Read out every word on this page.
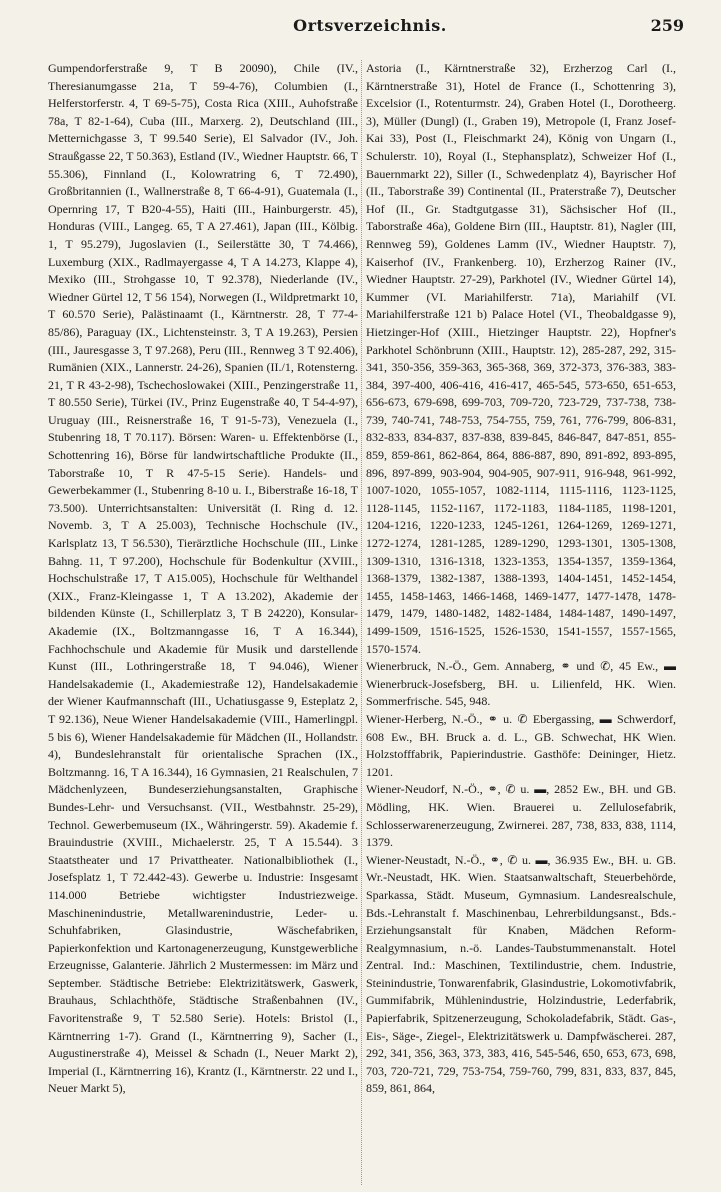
Ortsverzeichnis.	259

Gumpendorferstraße 9, T B 20090), Chile (IV., Theresianumgasse 21a, T 59-4-76), Columbien (I., Helferstorferstr. 4, T 69-5-75), Costa Rica (XIII., Auhofstraße 78a, T 82-1-64), Cuba (III., Marxerg. 2), Deutschland (III., Metternichgasse 3, T 99.540 Serie), El Salvador (IV., Joh. Straußgasse 22, T 50.363), Estland (IV., Wiedner Hauptstr. 66, T 55.306), Finnland (I., Kolowratring 6, T 72.490), Großbritannien (I., Wallnerstraße 8, T 66-4-91), Guatemala (I., Opernring 17, T B20-4-55), Haiti (III., Hainburgerstr. 45), Honduras (VIII., Langeg. 65, T A 27.461), Japan (III., Kölbig. 1, T 95.279), Jugoslavien (I., Seilerstätte 30, T 74.466), Luxemburg (XIX., Radlmayergasse 4, T A 14.273, Klappe 4), Mexiko (III., Strohgasse 10, T 92.378), Niederlande (IV., Wiedner Gürtel 12, T 56 154), Norwegen (I., Wildpretmarkt 10, T 60.570 Serie), Palästinaamt (I., Kärntnerstr. 28, T 77-4-85/86), Paraguay (IX., Lichtensteinstr. 3, T A 19.263), Persien (III., Jauresgasse 3, T 97.268), Peru (III., Rennweg 3 T 92.406), Rumänien (XIX., Lannerstr. 24-26), Spanien (II./1, Rotensterng. 21, T R 43-2-98), Tschechoslowakei (XIII., Penzingerstraße 11, T 80.550 Serie), Türkei (IV., Prinz Eugenstraße 40, T 54-4-97), Uruguay (III., Reisnerstraße 16, T 91-5-73), Venezuela (I., Stubenring 18, T 70.117). Börsen: Waren- u. Effektenbörse (I., Schottenring 16), Börse für landwirtschaftliche Produkte (II., Taborstraße 10, T R 47-5-15 Serie). Handels- und Gewerbekammer (I., Stubenring 8-10 u. I., Biberstraße 16-18, T 73.500). Unterrichtsanstalten: Universität (I. Ring d. 12. Novemb. 3, T A 25.003), Technische Hochschule (IV., Karlsplatz 13, T 56.530), Tierärztliche Hochschule (III., Linke Bahng. 11, T 97.200), Hochschule für Bodenkultur (XVIII., Hochschulstraße 17, T A15.005), Hochschule für Welthandel (XIX., Franz-Kleingasse 1, T A 13.202), Akademie der bildenden Künste (I., Schillerplatz 3, T B 24220), Konsular-Akademie (IX., Boltzmanngasse 16, T A 16.344), Fachhochschule und Akademie für Musik und darstellende Kunst (III., Lothringerstraße 18, T 94.046), Wiener Handelsakademie (I., Akademiestraße 12), Handelsakademie der Wiener Kaufmannschaft (III., Uchatiusgasse 9, Esteplatz 2, T 92.136), Neue Wiener Handelsakademie (VIII., Hamerlingpl. 5 bis 6), Wiener Handelsakademie für Mädchen (II., Hollandstr. 4), Bundeslehranstalt für orientalische Sprachen (IX., Boltzmanng. 16, T A 16.344), 16 Gymnasien, 21 Realschulen, 7 Mädchenlyzeen, Bundeserziehungsanstalten, Graphische Bundes-Lehr- und Versuchsanst. (VII., Westbahnstr. 25-29), Technol. Gewerbemuseum (IX., Währingerstr. 59). Akademie f. Brauindustrie (XVIII., Michaelerstr. 25, T A 15.544). 3 Staatstheater und 17 Privattheater. Nationalbibliothek (I., Josefsplatz 1, T 72.442-43). Gewerbe u. Industrie: Insgesamt 114.000 Betriebe wichtigster Industriezweige. Maschinenindustrie, Metallwarenindustrie, Leder- u. Schuhfabriken, Glasindustrie, Wäschefabriken, Papierkonfektion und Kartonagenerzeugung, Kunstgewerbliche Erzeugnisse, Galanterie. Jährlich 2 Mustermessen: im März und September. Städtische Betriebe: Elektrizitätswerk, Gaswerk, Brauhaus, Schlachthöfe, Städtische Straßenbahnen (IV., Favoritenstraße 9, T 52.580 Serie). Hotels: Bristol (I., Kärntnerring 1-7). Grand (I., Kärntnerring 9), Sacher (I., Augustinerstraße 4), Meissel & Schadn (I., Neuer Markt 2), Imperial (I., Kärntnerring 16), Krantz (I., Kärntnerstr. 22 und I., Neuer Markt 5),

Astoria (I., Kärntnerstraße 32), Erzherzog Carl (I., Kärntnerstraße 31), Hotel de France (I., Schottenring 3), Excelsior (I., Rotenturmstr. 24), Graben Hotel (I., Dorotheerg. 3), Müller (Dungl) (I., Graben 19), Metropole (I, Franz Josef-Kai 33), Post (I., Fleischmarkt 24), König von Ungarn (I., Schulerstr. 10), Royal (I., Stephansplatz), Schweizer Hof (I., Bauernmarkt 22), Siller (I., Schwedenplatz 4), Bayrischer Hof (II., Taborstraße 39) Continental (II., Praterstraße 7), Deutscher Hof (II., Gr. Stadtgutgasse 31), Sächsischer Hof (II., Taborstraße 46a), Goldene Birn (III., Hauptstr. 81), Nagler (III, Rennweg 59), Goldenes Lamm (IV., Wiedner Hauptstr. 7), Kaiserhof (IV., Frankenberg. 10), Erzherzog Rainer (IV., Wiedner Hauptstr. 27-29), Parkhotel (IV., Wiedner Gürtel 14), Kummer (VI. Mariahilferstr. 71a), Mariahilf (VI. Mariahilferstraße 121 b) Palace Hotel (VI., Theobaldgasse 9), Hietzinger-Hof (XIII., Hietzinger Hauptstr. 22), Hopfner's Parkhotel Schönbrunn (XIII., Hauptstr. 12), 285-287, 292, 315-341, 350-356, 359-363, 365-368, 369, 372-373, 376-383, 383-384, 397-400, 406-416, 416-417, 465-545, 573-650, 651-653, 656-673, 679-698, 699-703, 709-720, 723-729, 737-738, 738-739, 740-741, 748-753, 754-755, 759, 761, 776-799, 806-831, 832-833, 834-837, 837-838, 839-845, 846-847, 847-851, 855-859, 859-861, 862-864, 864, 886-887, 890, 891-892, 893-895, 896, 897-899, 903-904, 904-905, 907-911, 916-948, 961-992, 1007-1020, 1055-1057, 1082-1114, 1115-1116, 1123-1125, 1128-1145, 1152-1167, 1172-1183, 1184-1185, 1198-1201, 1204-1216, 1220-1233, 1245-1261, 1264-1269, 1269-1271, 1272-1274, 1281-1285, 1289-1290, 1293-1301, 1305-1308, 1309-1310, 1316-1318, 1323-1353, 1354-1357, 1359-1364, 1368-1379, 1382-1387, 1388-1393, 1404-1451, 1452-1454, 1455, 1458-1463, 1466-1468, 1469-1477, 1477-1478, 1478-1479, 1479, 1480-1482, 1482-1484, 1484-1487, 1490-1497, 1499-1509, 1516-1525, 1526-1530, 1541-1557, 1557-1565, 1570-1574.
Wienerbruck, N.-Ö., Gem. Annaberg, ⚭ und ✆, 45 Ew., ▬ Wienerbruck-Josefsberg, BH. u. Lilienfeld, HK. Wien. Sommerfrische. 545, 948.
Wiener-Herberg, N.-Ö., ⚭ u. ✆ Ebergassing, ▬ Schwerdorf, 608 Ew., BH. Bruck a. d. L., GB. Schwechat, HK Wien. Holzstofffabrik, Papierindustrie. Gasthöfe: Deininger, Hietz. 1201.
Wiener-Neudorf, N.-Ö., ⚭, ✆ u. ▬, 2852 Ew., BH. und GB. Mödling, HK. Wien. Brauerei u. Zellulosefabrik, Schlosserwarenerzeugung, Zwirnerei. 287, 738, 833, 838, 1114, 1379.
Wiener-Neustadt, N.-Ö., ⚭, ✆ u. ▬, 36.935 Ew., BH. u. GB. Wr.-Neustadt, HK. Wien. Staatsanwaltschaft, Steuerbehörde, Sparkassa, Städt. Museum, Gymnasium. Landesrealschule, Bds.-Lehranstalt f. Maschinenbau, Lehrerbildungsanst., Bds.-Erziehungsanstalt für Knaben, Mädchen Reform-Realgymnasium, n.-ö. Landes-Taubstummenanstalt. Hotel Zentral. Ind.: Maschinen, Textilindustrie, chem. Industrie, Steinindustrie, Tonwarenfabrik, Glasindustrie, Lokomotivfabrik, Gummifabrik, Mühlenindustrie, Holzindustrie, Lederfabrik, Papierfabrik, Spitzenerzeugung, Schokoladefabrik, Städt. Gas-, Eis-, Säge-, Ziegel-, Elektrizitätswerk u. Dampfwäscherei. 287, 292, 341, 356, 363, 373, 383, 416, 545-546, 650, 653, 673, 698, 703, 720-721, 729, 753-754, 759-760, 799, 831, 833, 837, 845, 859, 861, 864,
